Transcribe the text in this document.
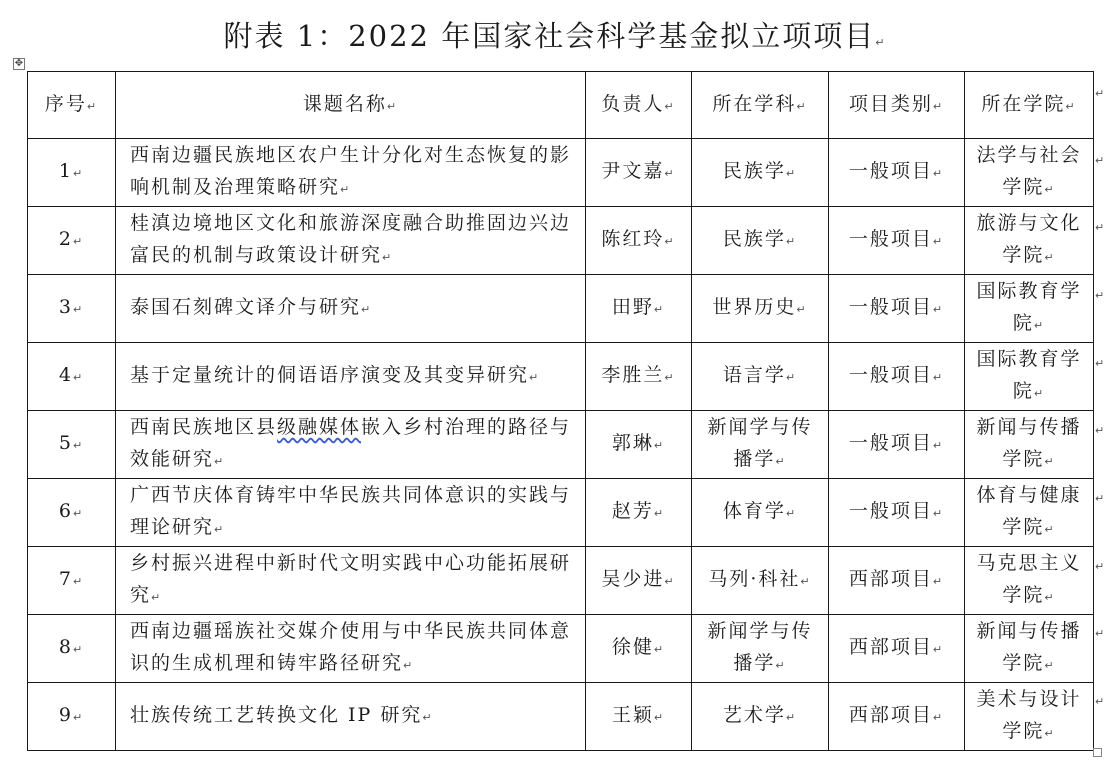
附表 1：2022 年国家社会科学基金拟立项项目↵
✥
序号↵	课题名称↵	负责人↵	所在学科↵	项目类别↵	所在学院↵
1↵	西南边疆民族地区农户生计分化对生态恢复的影响机制及治理策略研究↵	尹文嘉↵	民族学↵	一般项目↵	法学与社会学院↵
2↵	桂滇边境地区文化和旅游深度融合助推固边兴边富民的机制与政策设计研究↵	陈红玲↵	民族学↵	一般项目↵	旅游与文化学院↵
3↵	泰国石刻碑文译介与研究↵	田野↵	世界历史↵	一般项目↵	国际教育学院↵
4↵	基于定量统计的侗语语序演变及其变异研究↵	李胜兰↵	语言学↵	一般项目↵	国际教育学院↵
5↵	西南民族地区县级融媒体嵌入乡村治理的路径与效能研究↵	郭琳↵	新闻学与传播学↵	一般项目↵	新闻与传播学院↵
6↵	广西节庆体育铸牢中华民族共同体意识的实践与理论研究↵	赵芳↵	体育学↵	一般项目↵	体育与健康学院↵
7↵	乡村振兴进程中新时代文明实践中心功能拓展研究↵	吴少进↵	马列·科社↵	西部项目↵	马克思主义学院↵
8↵	西南边疆瑶族社交媒介使用与中华民族共同体意识的生成机理和铸牢路径研究↵	徐健↵	新闻学与传播学↵	西部项目↵	新闻与传播学院↵
9↵	壮族传统工艺转换文化 IP 研究↵	王颖↵	艺术学↵	西部项目↵	美术与设计学院↵
↵
↵
↵
↵
↵
↵
↵
↵
↵
↵
